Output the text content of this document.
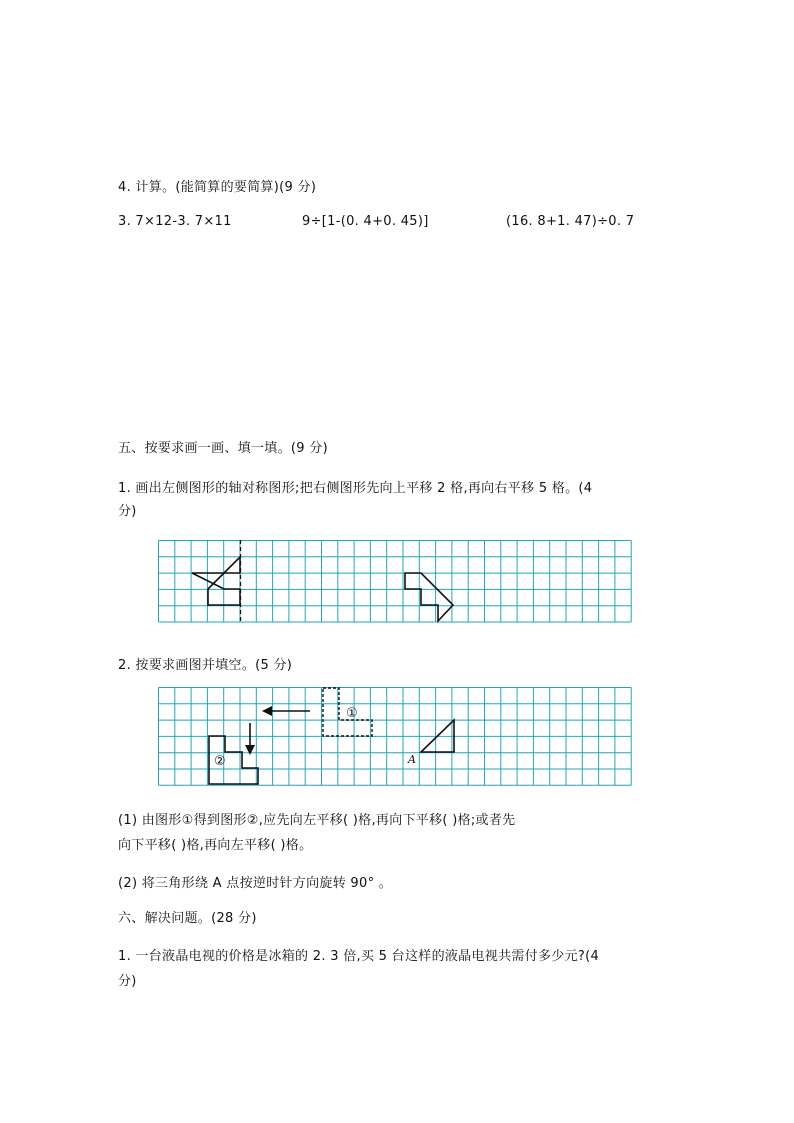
4. 计算。(能简算的要简算)(9 分)
3. 7×12-3. 7×11	9÷[1-(0. 4+0. 45)]	(16. 8+1. 47)÷0. 7
五、按要求画一画、填一填。(9 分)
1. 画出左侧图形的轴对称图形;把右侧图形先向上平移 2 格,再向右平移 5 格。(4
分)
2. 按要求画图并填空。(5 分)
①
②	A
(1) 由图形①得到图形②,应先向左平移( )格,再向下平移( )格;或者先
向下平移( )格,再向左平移( )格。
(2) 将三角形绕 A 点按逆时针方向旋转 90° 。
六、解决问题。(28 分)
1. 一台液晶电视的价格是冰箱的 2. 3 倍,买 5 台这样的液晶电视共需付多少元?(4
分)
